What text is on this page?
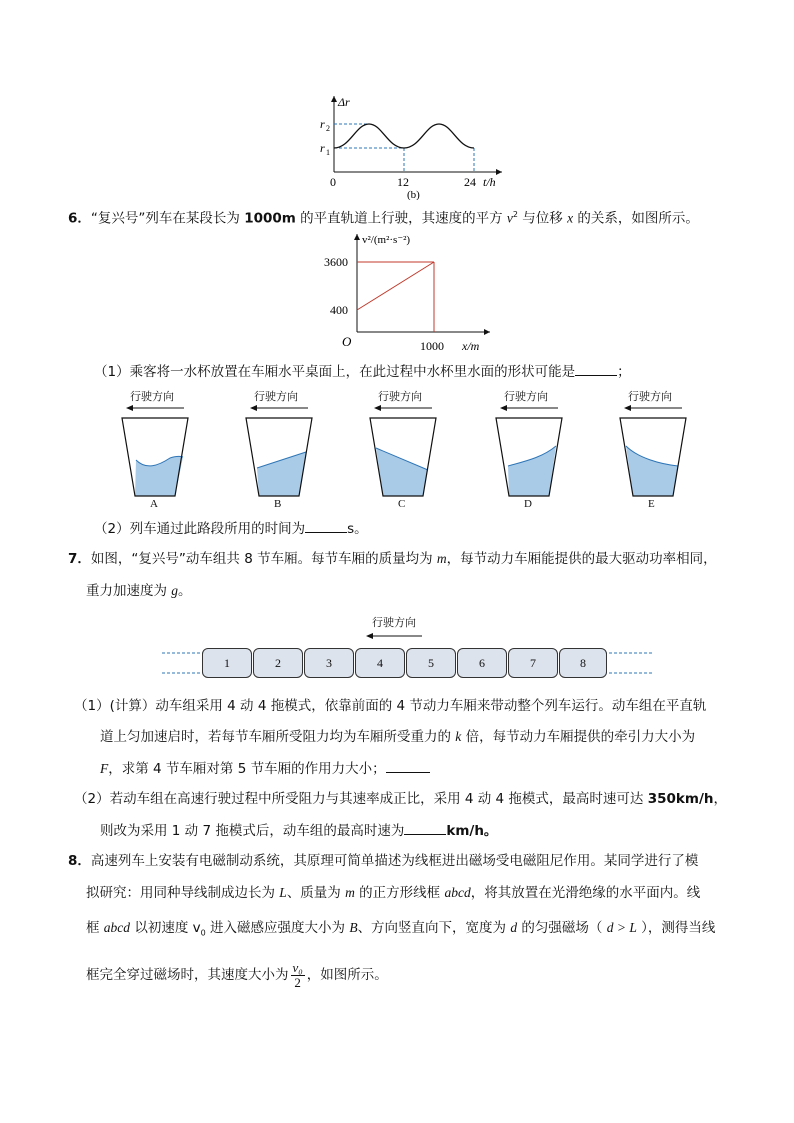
Δr
r 2
r 1
0	12	24 t/h
(b)
6．“复兴号”列车在某段长为 1000m 的平直轨道上行驶，其速度的平方 $v^2$ 与位移 x 的关系，如图所示。
v²/(m²·s⁻²)
3600
400
O	1000 x/m
（1）乘客将一水杯放置在车厢水平桌面上，在此过程中水杯里水面的形状可能是	；
行驶方向
A
行驶方向
B
行驶方向
C
行驶方向
D
行驶方向
E
（2）列车通过此路段所用的时间为	s。
7．如图，“复兴号”动车组共 8 节车厢。每节车厢的质量均为 m，每节动力车厢能提供的最大驱动功率相同，
重力加速度为 g。
行驶方向
1	2	3	4	5	6	7	8
（1）(计算）动车组采用 4 动 4 拖模式，依靠前面的 4 节动力车厢来带动整个列车运行。动车组在平直轨
道上匀加速启时，若每节车厢所受阻力均为车厢所受重力的 k 倍，每节动力车厢提供的牵引力大小为
F，求第 4 节车厢对第 5 节车厢的作用力大小；
（2）若动车组在高速行驶过程中所受阻力与其速率成正比，采用 4 动 4 拖模式，最高时速可达 350km/h，
则改为采用 1 动 7 拖模式后，动车组的最高时速为	km/h。
8．高速列车上安装有电磁制动系统，其原理可简单描述为线框进出磁场受电磁阻尼作用。某同学进行了模
拟研究：用同种导线制成边长为 L、质量为 m 的正方形线框 abcd，将其放置在光滑绝缘的水平面内。线
框 abcd 以初速度 $v_0$ 进入磁感应强度大小为 B、方向竖直向下，宽度为 d 的匀强磁场（ d > L ），测得当线
框完全穿过磁场时，其速度大小为 $\frac{\text{v₀}}{2}$ ，如图所示。
